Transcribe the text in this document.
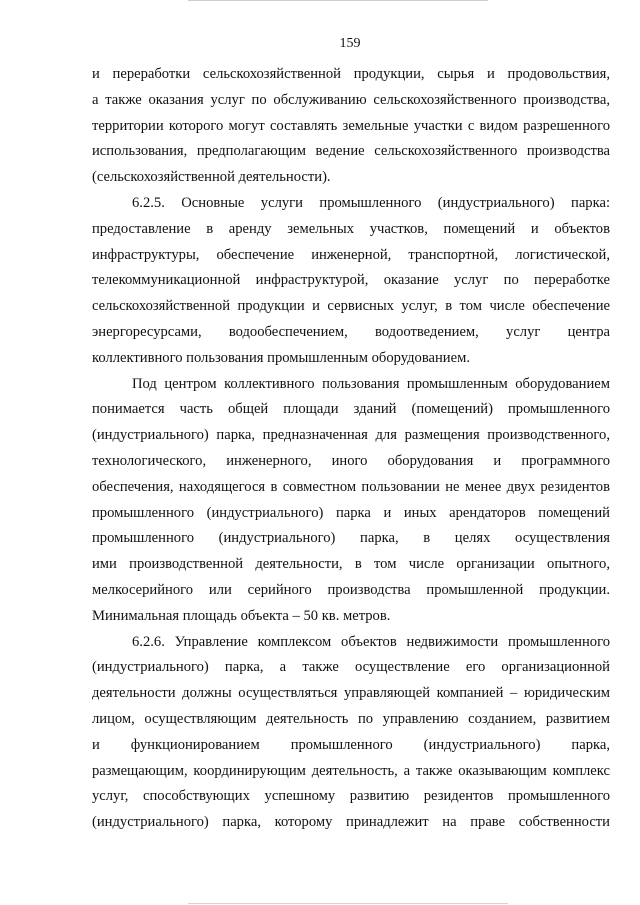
159

и переработки сельскохозяйственной продукции, сырья и продовольствия,
а также оказания услуг по обслуживанию сельскохозяйственного производства,
территории которого могут составлять земельные участки с видом разрешенного
использования, предполагающим ведение сельскохозяйственного производства
(сельскохозяйственной деятельности).

6.2.5. Основные услуги промышленного (индустриального) парка:
предоставление в аренду земельных участков, помещений и объектов
инфраструктуры, обеспечение инженерной, транспортной, логистической,
телекоммуникационной инфраструктурой, оказание услуг по переработке
сельскохозяйственной продукции и сервисных услуг, в том числе обеспечение
энергоресурсами, водообеспечением, водоотведением, услуг центра
коллективного пользования промышленным оборудованием.

Под центром коллективного пользования промышленным оборудованием
понимается часть общей площади зданий (помещений) промышленного
(индустриального) парка, предназначенная для размещения производственного,
технологического, инженерного, иного оборудования и программного
обеспечения, находящегося в совместном пользовании не менее двух резидентов
промышленного (индустриального) парка и иных арендаторов помещений
промышленного (индустриального) парка, в целях осуществления
ими производственной деятельности, в том числе организации опытного,
мелкосерийного или серийного производства промышленной продукции.
Минимальная площадь объекта – 50 кв. метров.

6.2.6. Управление комплексом объектов недвижимости промышленного
(индустриального) парка, а также осуществление его организационной
деятельности должны осуществляться управляющей компанией – юридическим
лицом, осуществляющим деятельность по управлению созданием, развитием
и функционированием промышленного (индустриального) парка,
размещающим, координирующим деятельность, а также оказывающим комплекс
услуг, способствующих успешному развитию резидентов промышленного
(индустриального) парка, которому принадлежит на праве собственности
